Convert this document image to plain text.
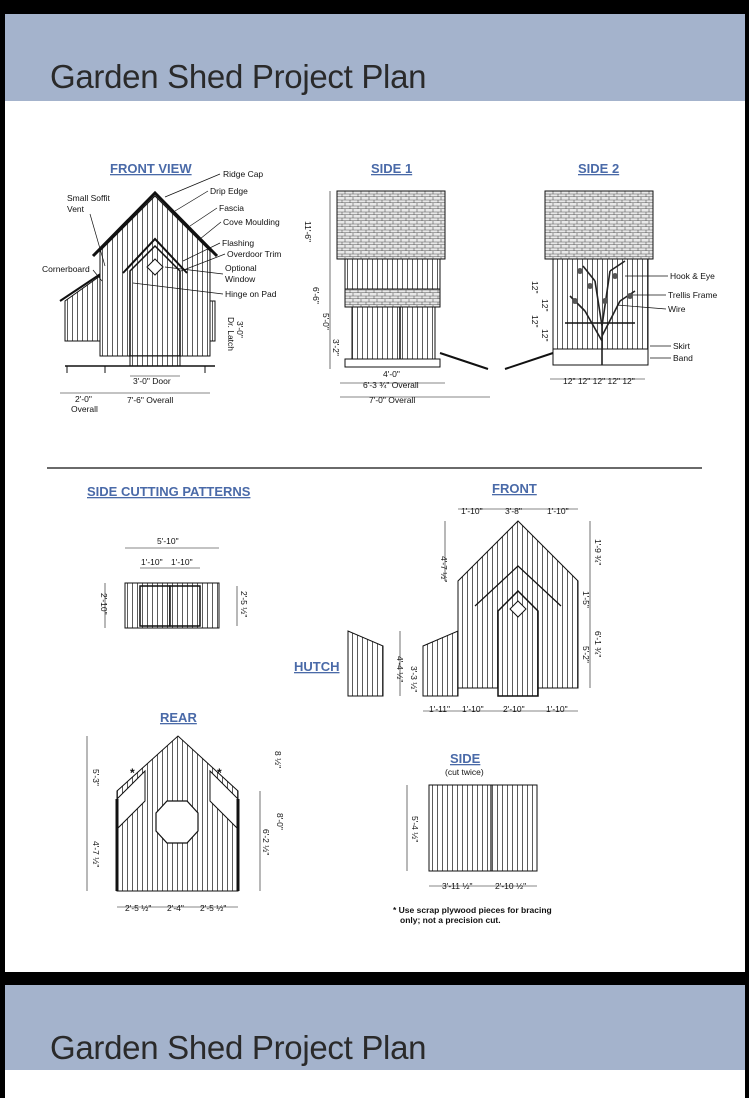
Garden Shed Project Plan
FRONT VIEW	Ridge Cap
Drip Edge
Fascia
Cove Moulding
Flashing
Overdoor Trim
Optional
Window
Hinge on Pad
Small Soffit
Vent
Cornerboard
3'-0" Door
2'-0"
Overall
7'-6" Overall
3'-0"
Dr. Latch
SIDE 1
11'-6"
6'-6"
5'-0"
3'-2"
4'-0"
6'-3 ¾" Overall
7'-0" Overall
SIDE 2
Hook & Eye
Trellis Frame
Wire
Skirt
Band
12"
12"
12"
12"
12" 12" 12" 12" 12"
SIDE CUTTING PATTERNS
5'-10"
1'-10" 1'-10"
2'-10"	2'-5 ½"
FRONT
1'-10"	3'-8"	1'-10"
4'-7 ½"
1'-9 ¾"
1'-5"
6'-1 ¾"
5'-2"
4'-4 ½" 3'-3 ½"
1'-11" 1'-10" 2'-10"	1'-10"
HUTCH
REAR
*	*
5'-3"
4'-7 ½"
8 ½"
8'-0"
6'-2 ½"
2'-5 ½" 2'-4" 2'-5 ½"
SIDE
(cut twice)
5'-4 ½"
3'-11 ½"	2'-10 ½"
* Use scrap plywood pieces for bracing
only; not a precision cut.
Garden Shed Project Plan
